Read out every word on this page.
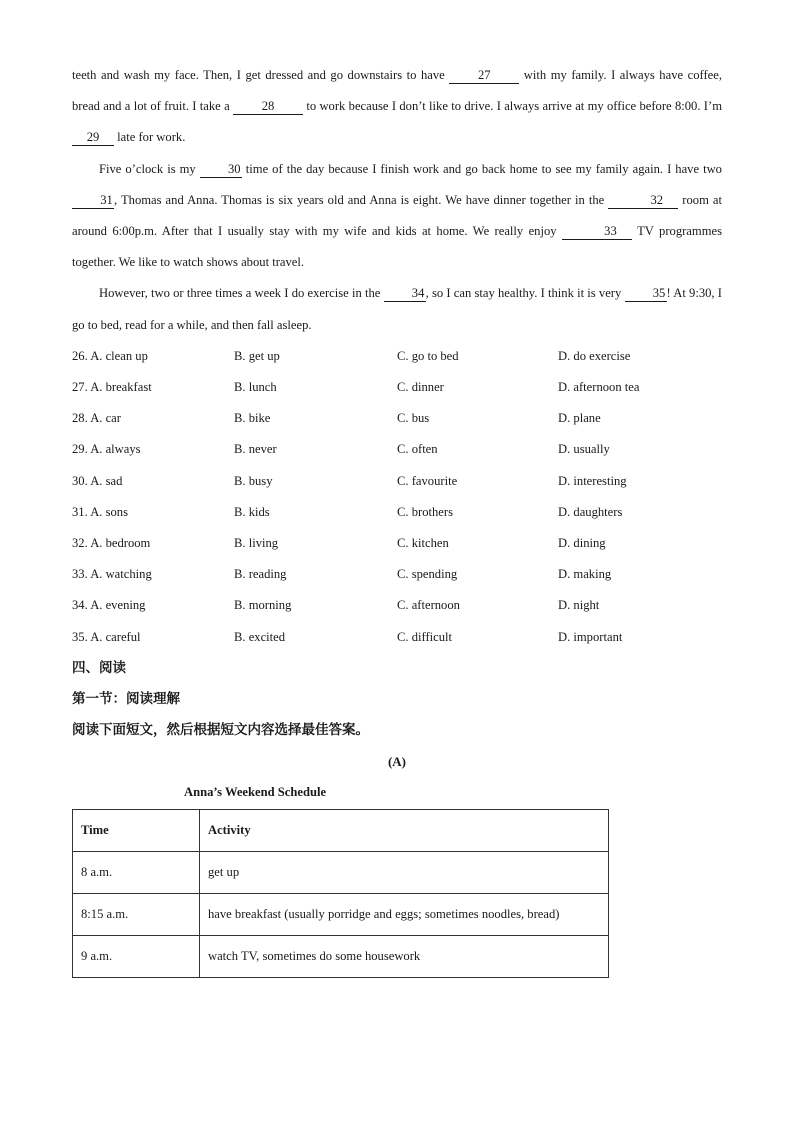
teeth and wash my face. Then, I get dressed and go downstairs to have 27 with my family. I always have coffee, bread and a lot of fruit. I take a 28 to work because I don’t like to drive. I always arrive at my office before 8:00. I’m 29 late for work.

Five o’clock is my 30 time of the day because I finish work and go back home to see my family again. I have two 31, Thomas and Anna. Thomas is six years old and Anna is eight. We have dinner together in the	32 room at around 6:00p.m. After that I usually stay with my wife and kids at home. We really enjoy	33 TV programmes together. We like to watch shows about travel.

However, two or three times a week I do exercise in the 34, so I can stay healthy. I think it is very 35! At 9:30, I go to bed, read for a while, and then fall asleep.

26. A. clean up	B. get up	C. go to bed	D. do exercise
27. A. breakfast	B. lunch	C. dinner	D. afternoon tea
28. A. car	B. bike	C. bus	D. plane
29. A. always	B. never	C. often	D. usually
30. A. sad	B. busy	C. favourite	D. interesting
31. A. sons	B. kids	C. brothers	D. daughters
32. A. bedroom	B. living	C. kitchen	D. dining
33. A. watching	B. reading	C. spending	D. making
34. A. evening	B. morning	C. afternoon	D. night
35. A. careful	B. excited	C. difficult	D. important
四、阅读
第一节：阅读理解
阅读下面短文，然后根据短文内容选择最佳答案。
(A)
Anna’s Weekend Schedule
Time	Activity
8 a.m.	get up
8:15 a.m.	have breakfast (usually porridge and eggs; sometimes noodles, bread)
9 a.m.	watch TV, sometimes do some housework
